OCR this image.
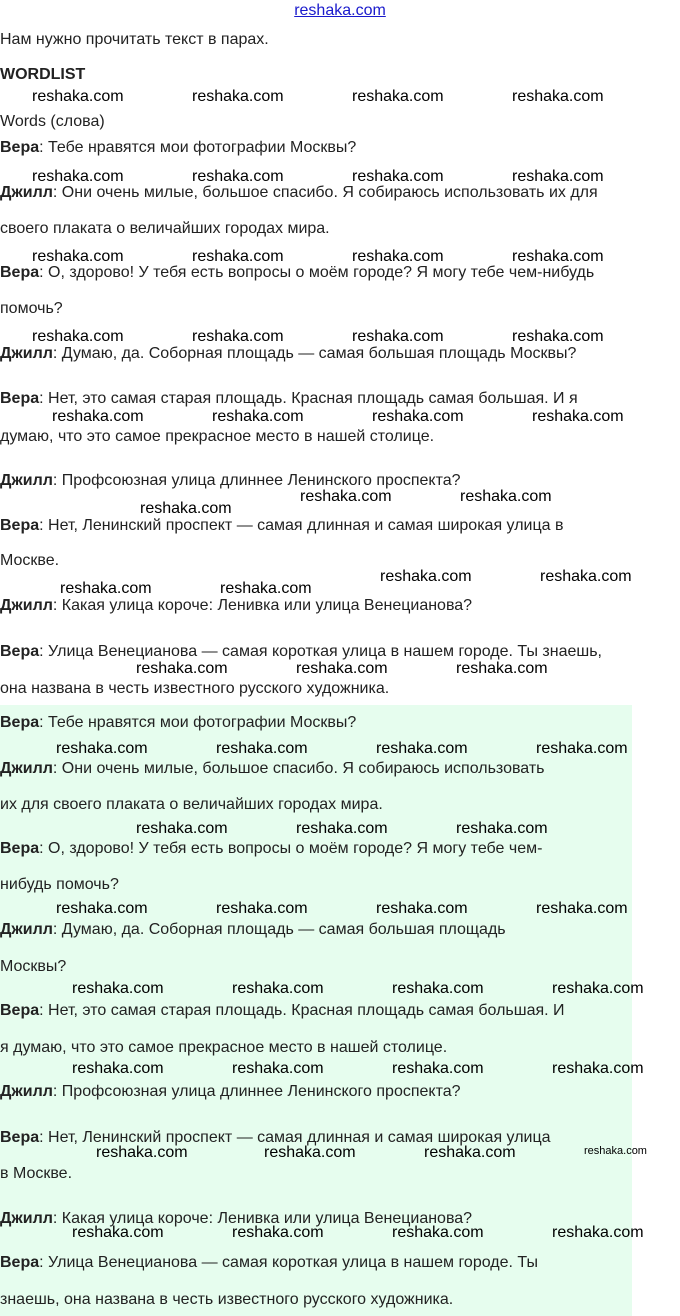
reshaka.com
Нам нужно прочитать текст в парах.
WORDLIST
Words (слова)
Вера: Тебе нравятся мои фотографии Москвы?
Джилл: Они очень милые, большое спасибо. Я собираюсь использовать их для
своего плаката о величайших городах мира.
Вера: О, здорово! У тебя есть вопросы о моём городе? Я могу тебе чем-нибудь
помочь?
Джилл: Думаю, да. Соборная площадь — самая большая площадь Москвы?
Вера: Нет, это самая старая площадь. Красная площадь самая большая. И я
думаю, что это самое прекрасное место в нашей столице.
Джилл: Профсоюзная улица длиннее Ленинского проспекта?
Вера: Нет, Ленинский проспект — самая длинная и самая широкая улица в
Москве.
Джилл: Какая улица короче: Ленивка или улица Венецианова?
Вера: Улица Венецианова — самая короткая улица в нашем городе. Ты знаешь,
она названа в честь известного русского художника.
Вера: Тебе нравятся мои фотографии Москвы?
Джилл: Они очень милые, большое спасибо. Я собираюсь использовать
их для своего плаката о величайших городах мира.
Вера: О, здорово! У тебя есть вопросы о моём городе? Я могу тебе чем-
нибудь помочь?
Джилл: Думаю, да. Соборная площадь — самая большая площадь
Москвы?
Вера: Нет, это самая старая площадь. Красная площадь самая большая. И
я думаю, что это самое прекрасное место в нашей столице.
Джилл: Профсоюзная улица длиннее Ленинского проспекта?
Вера: Нет, Ленинский проспект — самая длинная и самая широкая улица
в Москве.
Джилл: Какая улица короче: Ленивка или улица Венецианова?
Вера: Улица Венецианова — самая короткая улица в нашем городе. Ты
знаешь, она названа в честь известного русского художника.
reshaka.com	reshaka.com	reshaka.com	reshaka.com
reshaka.com	reshaka.com	reshaka.com	reshaka.com
reshaka.com	reshaka.com	reshaka.com	reshaka.com
reshaka.com	reshaka.com	reshaka.com	reshaka.com
reshaka.com	reshaka.com	reshaka.com	reshaka.com
reshaka.com	reshaka.com
reshaka.com
reshaka.com	reshaka.com
reshaka.com	reshaka.com
reshaka.com	reshaka.com	reshaka.com
reshaka.com	reshaka.com	reshaka.com	reshaka.com
reshaka.com	reshaka.com	reshaka.com
reshaka.com	reshaka.com	reshaka.com	reshaka.com
reshaka.com	reshaka.com	reshaka.com	reshaka.com
reshaka.com	reshaka.com	reshaka.com	reshaka.com
reshaka.com	reshaka.com	reshaka.com
reshaka.com	reshaka.com	reshaka.com	reshaka.com
reshaka.com
